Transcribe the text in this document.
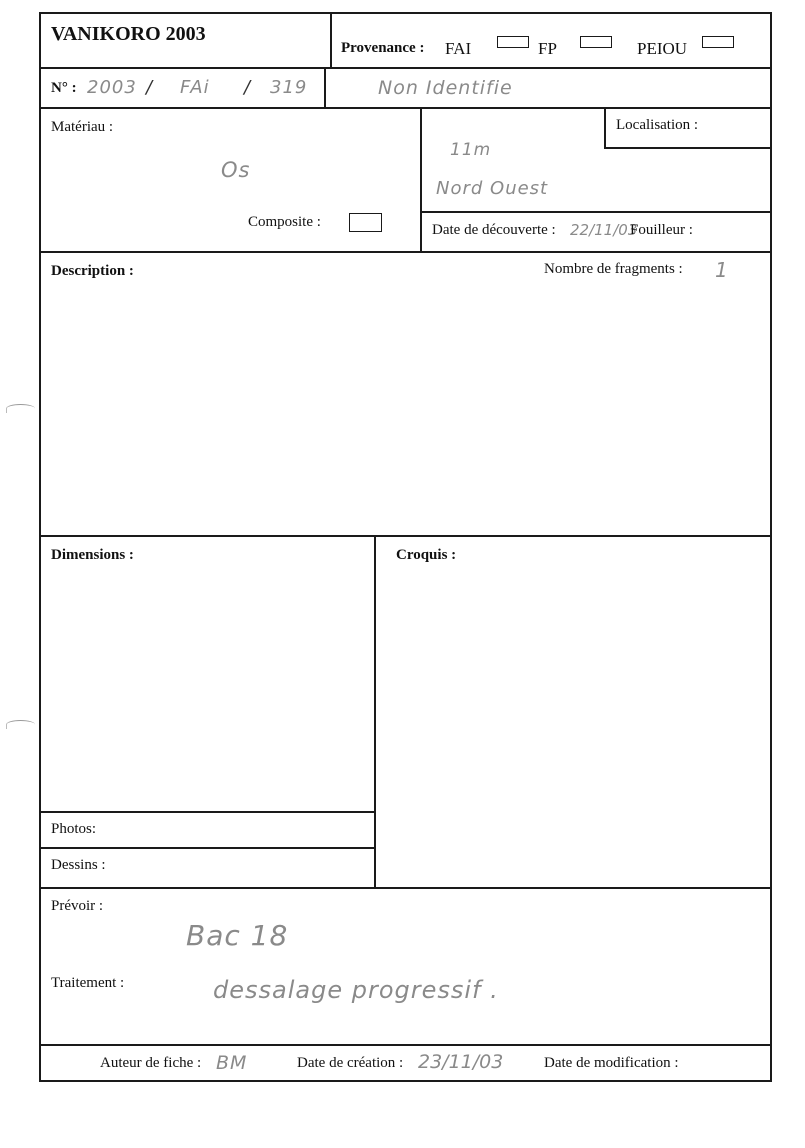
VANIKORO 2003
Provenance : FAI	FP	PEIOU
N° : 2003 / FAi / 319	Non Identifie
Matériau :
Os
Composite :
Localisation :
11m
Nord Ouest
Date de découverte : 22/11/03
Fouilleur :
Description :	Nombre de fragments : 1
Dimensions :	Croquis :
Photos:
Dessins :
Prévoir :
Bac 18
Traitement :	dessalage progressif .
Auteur de fiche : BM	Date de création : 23/11/03	Date de modification :
